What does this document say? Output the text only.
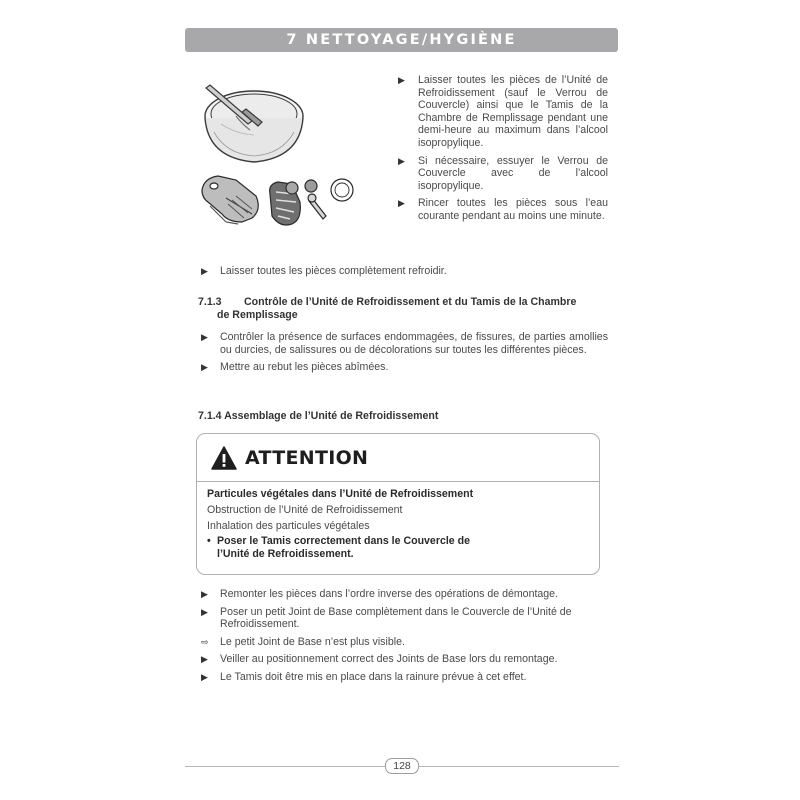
7 NETTOYAGE/HYGIÈNE
▶ Laisser toutes les pièces de l’Unité de Refroidissement (sauf le Verrou de Couvercle) ainsi que le Tamis de la Chambre de Remplissage pendant une demi-heure au maximum dans l’alcool isopropylique.
▶ Si nécessaire, essuyer le Verrou de Couvercle avec de l’alcool isopropylique.
▶ Rincer toutes les pièces sous l’eau courante pendant au moins une minute.
▶ Laisser toutes les pièces complètement refroidir.
7.1.3 Contrôle de l’Unité de Refroidissement et du Tamis de la Chambre
de Remplissage
▶ Contrôler la présence de surfaces endommagées, de fissures, de parties amollies ou durcies, de salissures ou de décolorations sur toutes les différentes pièces.
▶ Mettre au rebut les pièces abîmées.
7.1.4 Assemblage de l’Unité de Refroidissement
ATTENTION
Particules végétales dans l’Unité de Refroidissement
Obstruction de l’Unité de Refroidissement
Inhalation des particules végétales
• Poser le Tamis correctement dans le Couvercle de l’Unité de Refroidissement.
▶ Remonter les pièces dans l’ordre inverse des opérations de démontage.
▶ Poser un petit Joint de Base complètement dans le Couvercle de l’Unité de Refroidissement.
⇨ Le petit Joint de Base n’est plus visible.
▶ Veiller au positionnement correct des Joints de Base lors du remontage.
▶ Le Tamis doit être mis en place dans la rainure prévue à cet effet.
128
